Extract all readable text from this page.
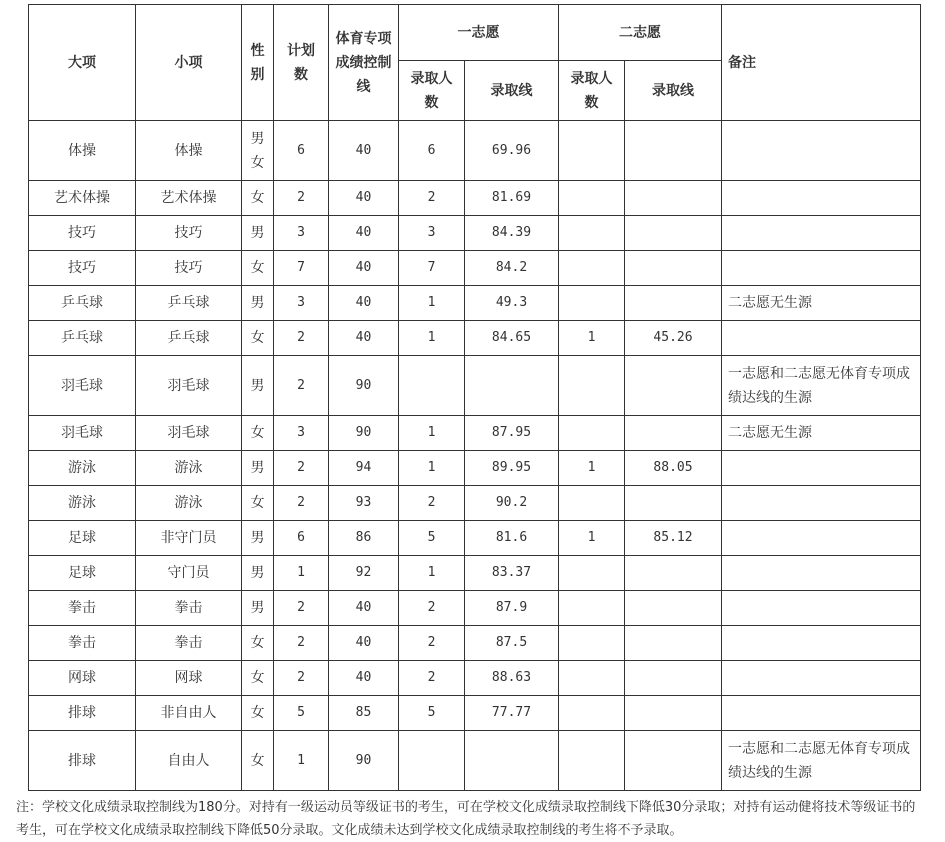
大项	小项	性别	计划数	体育专项成绩控制线	一志愿		二志愿		备注
					录取人数	录取线	录取人数	录取线	
体操	体操	男女	6	40	6	69.96			
艺术体操	艺术体操	女	2	40	2	81.69			
技巧	技巧	男	3	40	3	84.39			
技巧	技巧	女	7	40	7	84.2			
乒乓球	乒乓球	男	3	40	1	49.3			二志愿无生源
乒乓球	乒乓球	女	2	40	1	84.65	1	45.26	
羽毛球	羽毛球	男	2	90					一志愿和二志愿无体育专项成绩达线的生源
羽毛球	羽毛球	女	3	90	1	87.95			二志愿无生源
游泳	游泳	男	2	94	1	89.95	1	88.05	
游泳	游泳	女	2	93	2	90.2			
足球	非守门员	男	6	86	5	81.6	1	85.12	
足球	守门员	男	1	92	1	83.37			
拳击	拳击	男	2	40	2	87.9			
拳击	拳击	女	2	40	2	87.5			
网球	网球	女	2	40	2	88.63			
排球	非自由人	女	5	85	5	77.77			
排球	自由人	女	1	90					一志愿和二志愿无体育专项成绩达线的生源
注：学校文化成绩录取控制线为180分。对持有一级运动员等级证书的考生，可在学校文化成绩录取控制线下降低30分录取；对持有运动健将技术等级证书的考生，可在学校文化成绩录取控制线下降低50分录取。文化成绩未达到学校文化成绩录取控制线的考生将不予录取。
